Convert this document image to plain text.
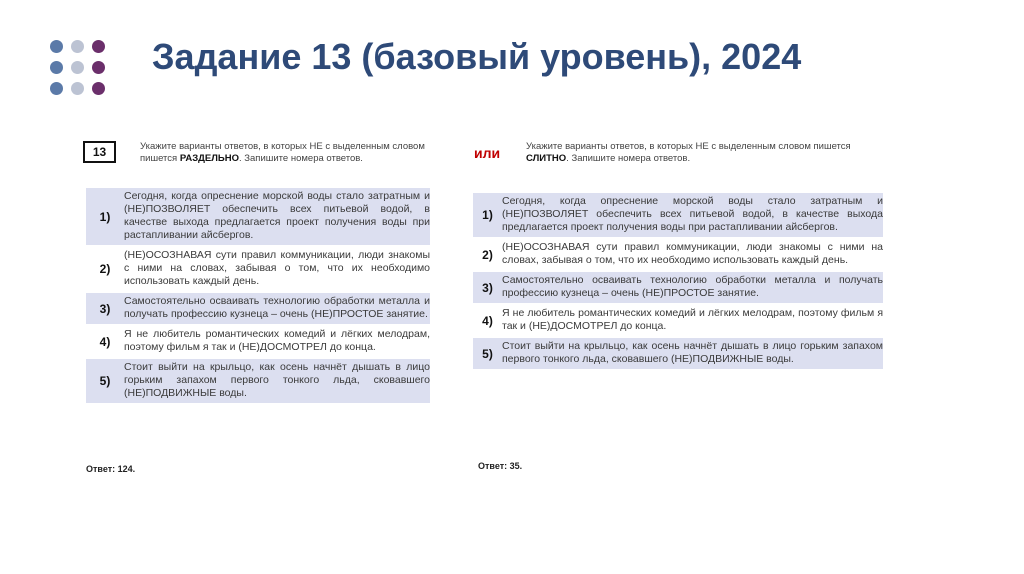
Задание 13 (базовый уровень), 2024
13	Укажите варианты ответов, в которых НЕ с выделенным словом пишется РАЗДЕЛЬНО. Запишите номера ответов.
1)
Сегодня, когда опреснение морской воды стало затратным и (НЕ)ПОЗВОЛЯЕТ обеспечить всех питьевой водой, в качестве выхода предлагается проект получения воды при растапливании айсбергов.
2)
(НЕ)ОСОЗНАВАЯ сути правил коммуникации, люди знакомы с ними на словах, забывая о том, что их необходимо использовать каждый день.
3)
Самостоятельно осваивать технологию обработки металла и получать профессию кузнеца – очень (НЕ)ПРОСТОЕ занятие.
4)
Я не любитель романтических комедий и лёгких мелодрам, поэтому фильм я так и (НЕ)ДОСМОТРЕЛ до конца.
5)
Стоит выйти на крыльцо, как осень начнёт дышать в лицо горьким запахом первого тонкого льда, сковавшего (НЕ)ПОДВИЖНЫЕ воды.
Ответ: 124.
или	Укажите варианты ответов, в которых НЕ с выделенным словом пишется СЛИТНО. Запишите номера ответов.
1)
Сегодня, когда опреснение морской воды стало затратным и (НЕ)ПОЗВОЛЯЕТ обеспечить всех питьевой водой, в качестве выхода предлагается проект получения воды при растапливании айсбергов.
2)
(НЕ)ОСОЗНАВАЯ сути правил коммуникации, люди знакомы с ними на словах, забывая о том, что их необходимо использовать каждый день.
3)
Самостоятельно осваивать технологию обработки металла и получать профессию кузнеца – очень (НЕ)ПРОСТОЕ занятие.
4)
Я не любитель романтических комедий и лёгких мелодрам, поэтому фильм я так и (НЕ)ДОСМОТРЕЛ до конца.
5)
Стоит выйти на крыльцо, как осень начнёт дышать в лицо горьким запахом первого тонкого льда, сковавшего (НЕ)ПОДВИЖНЫЕ воды.
Ответ: 35.
